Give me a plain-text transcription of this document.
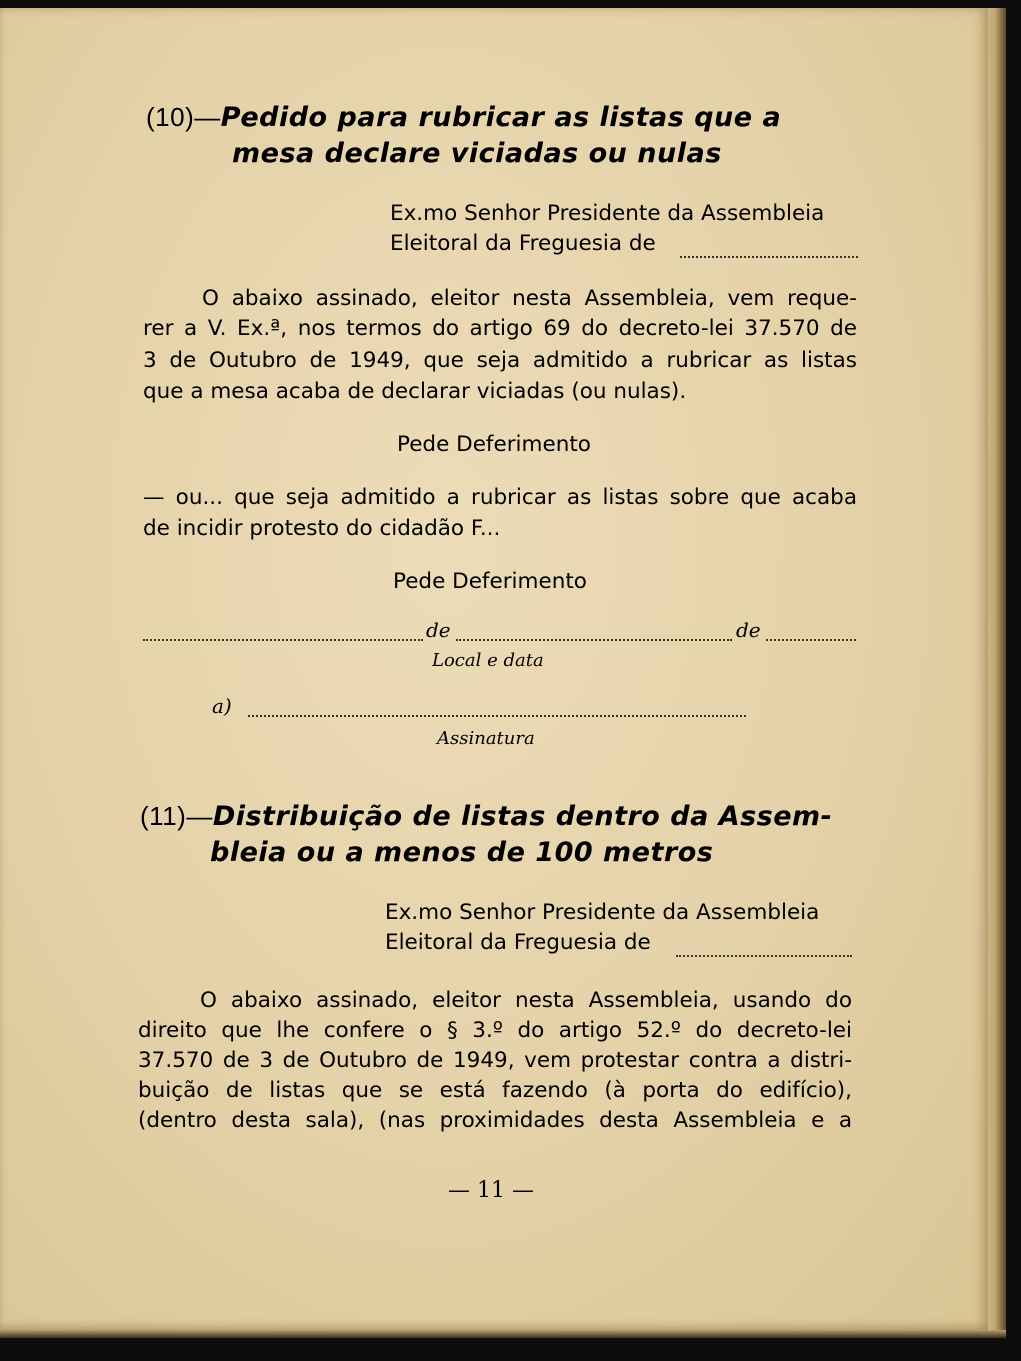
(10)—Pedido para rubricar as listas que a
mesa declare viciadas ou nulas
Ex.mo Senhor Presidente da Assembleia
Eleitoral da Freguesia de
O abaixo assinado, eleitor nesta Assembleia, vem reque-
rer a V. Ex.ª, nos termos do artigo 69 do decreto-lei 37.570 de
3 de Outubro de 1949, que seja admitido a rubricar as listas
que a mesa acaba de declarar viciadas (ou nulas).
Pede Deferimento
— ou... que seja admitido a rubricar as listas sobre que acaba
de incidir protesto do cidadão F...
Pede Deferimento
de	de
Local e data
a)
Assinatura
(11)—Distribuição de listas dentro da Assem-
bleia ou a menos de 100 metros
Ex.mo Senhor Presidente da Assembleia
Eleitoral da Freguesia de
O abaixo assinado, eleitor nesta Assembleia, usando do
direito que lhe confere o § 3.º do artigo 52.º do decreto-lei
37.570 de 3 de Outubro de 1949, vem protestar contra a distri-
buição de listas que se está fazendo (à porta do edifício),
(dentro desta sala), (nas proximidades desta Assembleia e a
— 11 —
